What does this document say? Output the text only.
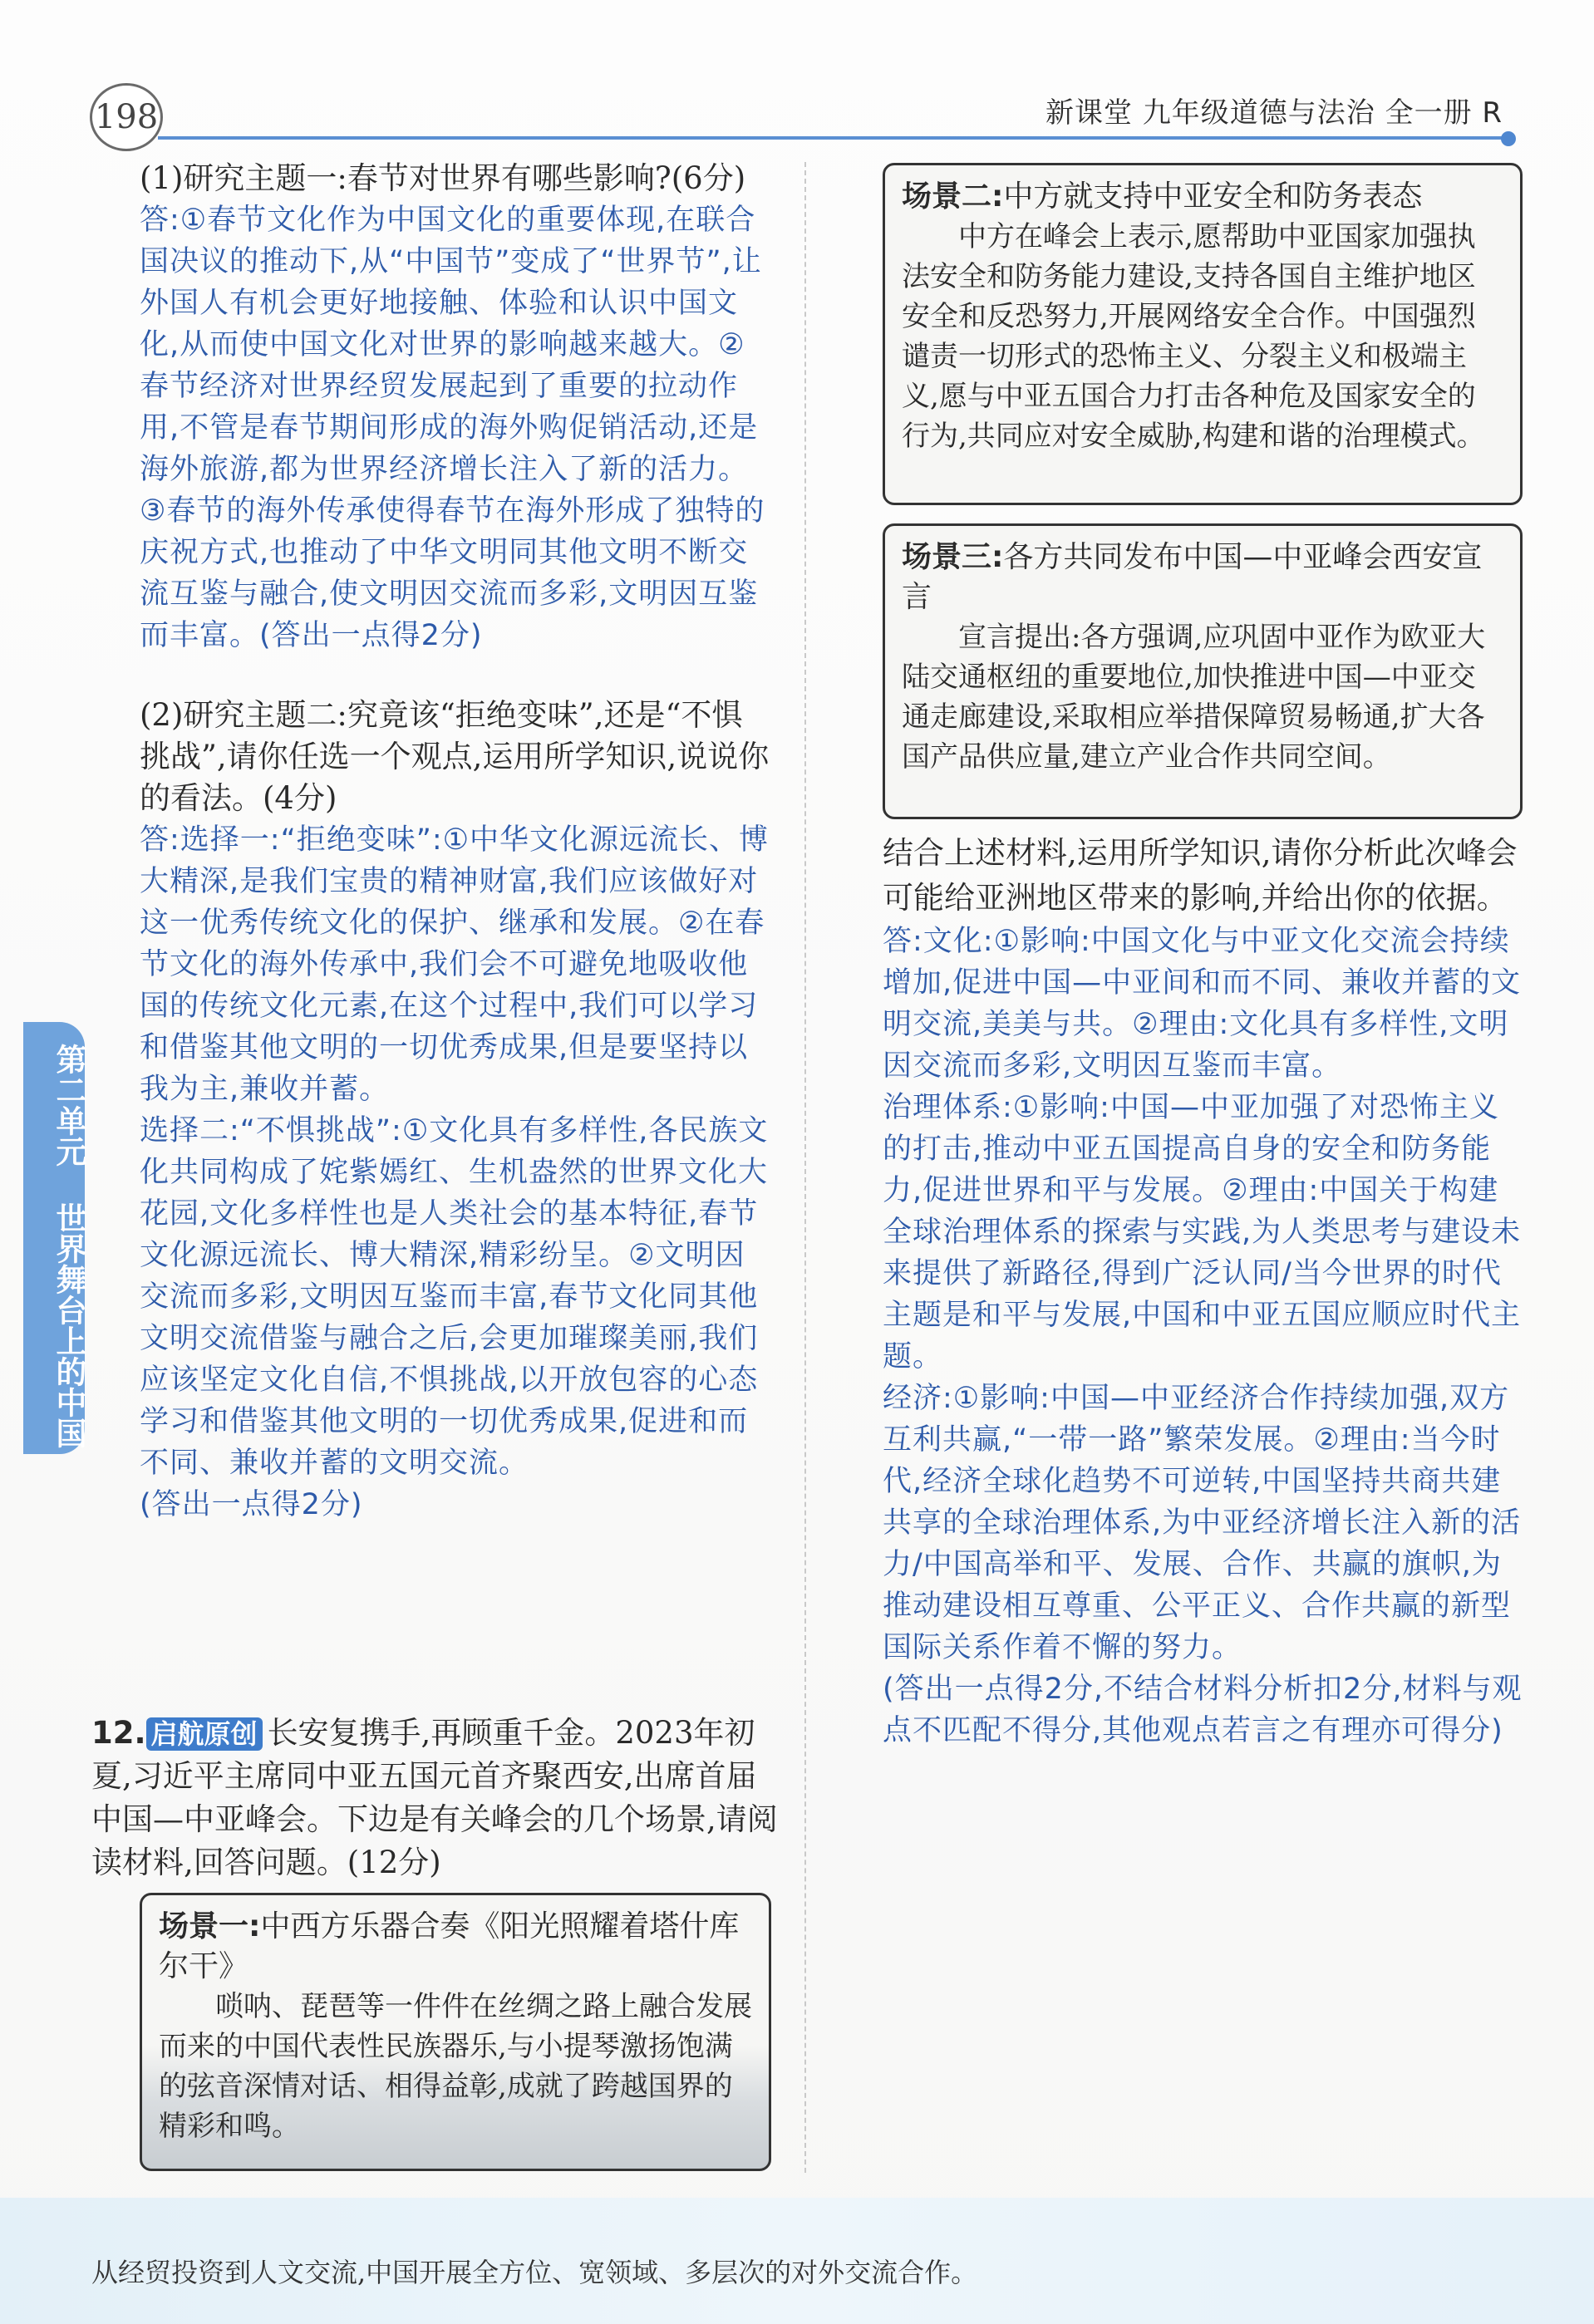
198	新课堂 九年级道德与法治 全一册 R
第二单元 世界舞台上的中国

(1)研究主题一:春节对世界有哪些影响?(6分)

答:①春节文化作为中国文化的重要体现,在联合国决议的推动下,从“中国节”变成了“世界节”,让外国人有机会更好地接触、体验和认识中国文化,从而使中国文化对世界的影响越来越大。②春节经济对世界经贸发展起到了重要的拉动作用,不管是春节期间形成的海外购促销活动,还是海外旅游,都为世界经济增长注入了新的活力。③春节的海外传承使得春节在海外形成了独特的庆祝方式,也推动了中华文明同其他文明不断交流互鉴与融合,使文明因交流而多彩,文明因互鉴而丰富。(答出一点得2分)

(2)研究主题二:究竟该“拒绝变味”,还是“不惧挑战”,请你任选一个观点,运用所学知识,说说你的看法。(4分)

答:选择一:“拒绝变味”:①中华文化源远流长、博大精深,是我们宝贵的精神财富,我们应该做好对这一优秀传统文化的保护、继承和发展。②在春节文化的海外传承中,我们会不可避免地吸收他国的传统文化元素,在这个过程中,我们可以学习和借鉴其他文明的一切优秀成果,但是要坚持以我为主,兼收并蓄。

选择二:“不惧挑战”:①文化具有多样性,各民族文化共同构成了姹紫嫣红、生机盎然的世界文化大花园,文化多样性也是人类社会的基本特征,春节文化源远流长、博大精深,精彩纷呈。②文明因交流而多彩,文明因互鉴而丰富,春节文化同其他文明交流借鉴与融合之后,会更加璀璨美丽,我们应该坚定文化自信,不惧挑战,以开放包容的心态学习和借鉴其他文明的一切优秀成果,促进和而不同、兼收并蓄的文明交流。

(答出一点得2分)

12. 启航原创 长安复携手,再顾重千金。2023年初夏,习近平主席同中亚五国元首齐聚西安,出席首届中国—中亚峰会。下边是有关峰会的几个场景,请阅读材料,回答问题。(12分)
场景一:中西方乐器合奏《阳光照耀着塔什库尔干》
唢呐、琵琶等一件件在丝绸之路上融合发展而来的中国代表性民族器乐,与小提琴激扬饱满的弦音深情对话、相得益彰,成就了跨越国界的精彩和鸣。
场景二:中方就支持中亚安全和防务表态
中方在峰会上表示,愿帮助中亚国家加强执法安全和防务能力建设,支持各国自主维护地区安全和反恐努力,开展网络安全合作。中国强烈谴责一切形式的恐怖主义、分裂主义和极端主义,愿与中亚五国合力打击各种危及国家安全的行为,共同应对安全威胁,构建和谐的治理模式。
场景三:各方共同发布中国—中亚峰会西安宣言
宣言提出:各方强调,应巩固中亚作为欧亚大陆交通枢纽的重要地位,加快推进中国—中亚交通走廊建设,采取相应举措保障贸易畅通,扩大各国产品供应量,建立产业合作共同空间。

结合上述材料,运用所学知识,请你分析此次峰会可能给亚洲地区带来的影响,并给出你的依据。

答:文化:①影响:中国文化与中亚文化交流会持续增加,促进中国—中亚间和而不同、兼收并蓄的文明交流,美美与共。②理由:文化具有多样性,文明因交流而多彩,文明因互鉴而丰富。

治理体系:①影响:中国—中亚加强了对恐怖主义的打击,推动中亚五国提高自身的安全和防务能力,促进世界和平与发展。②理由:中国关于构建全球治理体系的探索与实践,为人类思考与建设未来提供了新路径,得到广泛认同/当今世界的时代主题是和平与发展,中国和中亚五国应顺应时代主题。

经济:①影响:中国—中亚经济合作持续加强,双方互利共赢,“一带一路”繁荣发展。②理由:当今时代,经济全球化趋势不可逆转,中国坚持共商共建共享的全球治理体系,为中亚经济增长注入新的活力/中国高举和平、发展、合作、共赢的旗帜,为推动建设相互尊重、公平正义、合作共赢的新型国际关系作着不懈的努力。

(答出一点得2分,不结合材料分析扣2分,材料与观点不匹配不得分,其他观点若言之有理亦可得分)

从经贸投资到人文交流,中国开展全方位、宽领域、多层次的对外交流合作。
